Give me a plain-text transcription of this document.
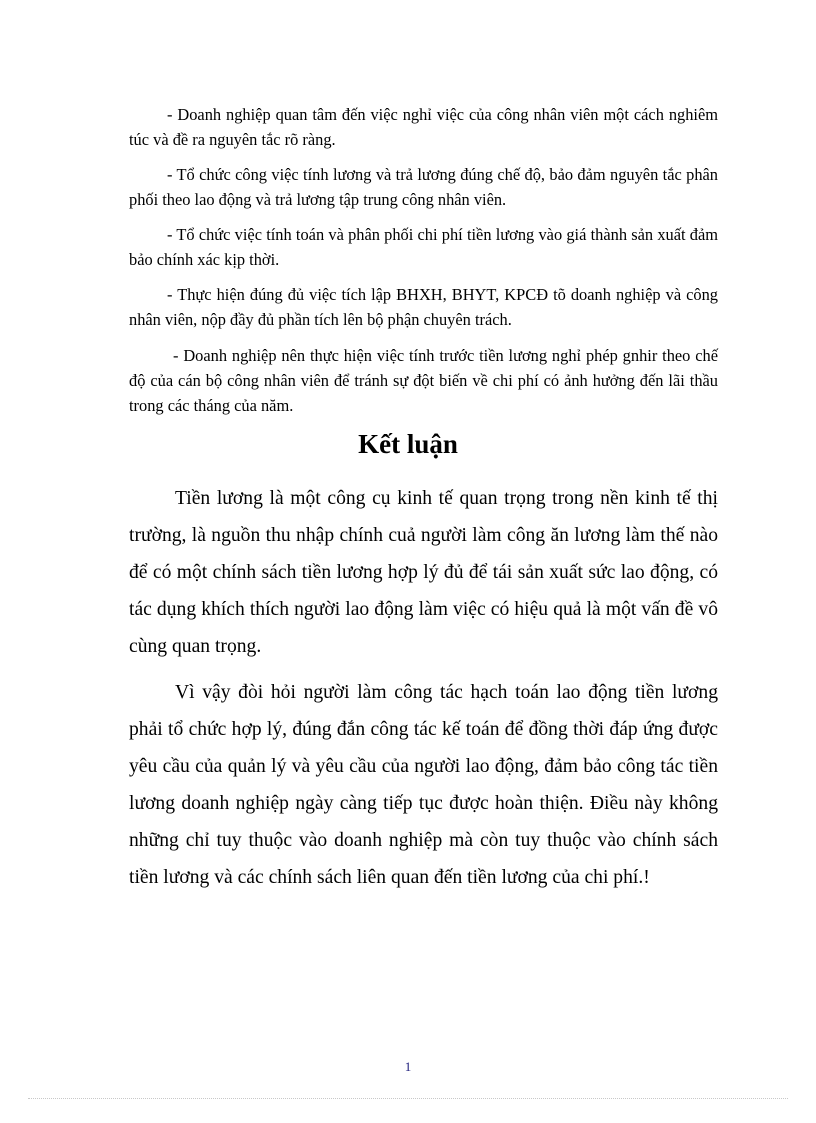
- Doanh nghiệp quan tâm đến việc nghỉ việc của công nhân viên một cách nghiêm túc và đề ra nguyên tắc rõ ràng.

- Tổ chức công việc tính lương và trả lương đúng chế độ, bảo đảm nguyên tắc phân phối theo lao động và trả lương tập trung công nhân viên.

- Tổ chức việc tính toán và phân phối chi phí tiền lương vào giá thành sản xuất đảm bảo chính xác kịp thời.

- Thực hiện đúng đủ việc tích lập BHXH, BHYT, KPCĐ tõ doanh nghiệp và công nhân viên, nộp đầy đủ phần tích lên bộ phận chuyên trách.

- Doanh nghiệp nên thực hiện việc tính trước tiền lương nghỉ phép gnhir theo chế độ của cán bộ công nhân viên để tránh sự đột biến về chi phí có ảnh hưởng đến lãi thầu trong các tháng của năm.

Kết luận

Tiền lương là một công cụ kinh tế quan trọng trong nền kinh tế thị trường, là nguồn thu nhập chính cuả người làm công ăn lương làm thế nào để có một chính sách tiền lương hợp lý đủ để tái sản xuất sức lao động, có tác dụng khích thích người lao động làm việc có hiệu quả là một vấn đề vô cùng quan trọng.

Vì vậy đòi hỏi người làm công tác hạch toán lao động tiền lương phải tổ chức hợp lý, đúng đắn công tác kế toán để đồng thời đáp ứng được yêu cầu của quản lý và yêu cầu của người lao động, đảm bảo công tác tiền lương doanh nghiệp ngày càng tiếp tục được hoàn thiện. Điều này không những chỉ tuy thuộc vào doanh nghiệp mà còn tuy thuộc vào chính sách tiền lương và các chính sách liên quan đến tiền lương của chi phí.!

1
